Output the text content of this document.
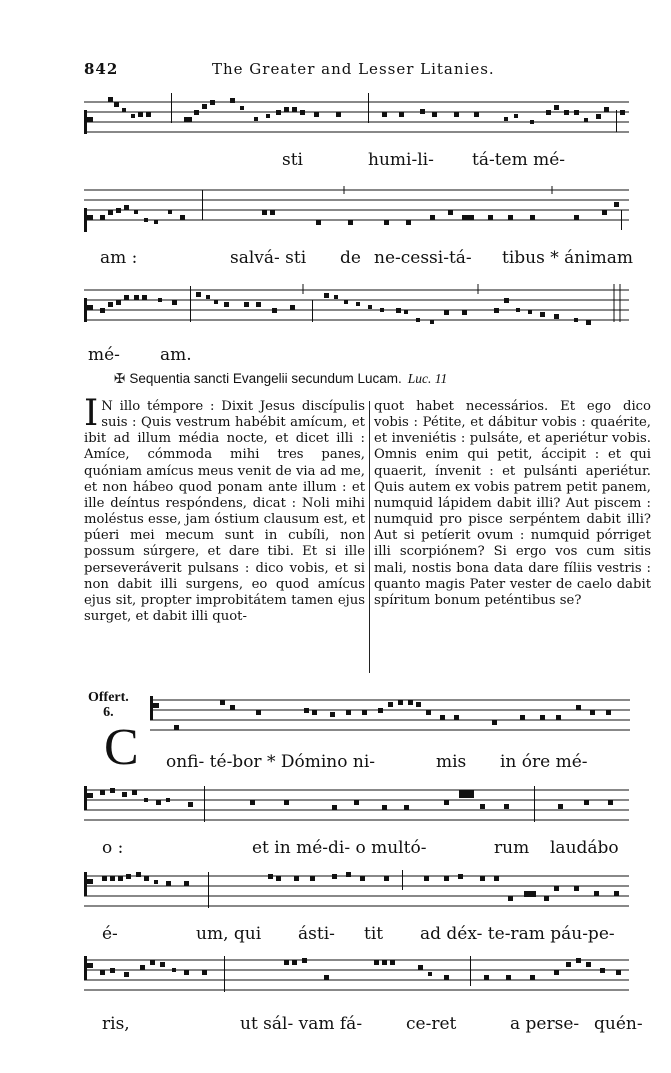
842	The Greater and Lesser Litanies.
sti	humi-li- tá-tem mé-
am :	salvá- sti de ne-cessi-tá- tibus * ánimam
mé- am.
✠ Sequentia sancti Evangelii secundum Lucam. Luc. 11
I N illo témpore : Dixit Jesus discípulis suis : Quis vestrum habébit amícum, et ibit ad illum média nocte, et dicet illi : Amíce, cómmoda mihi tres panes, quóniam amícus meus venit de via ad me, et non hábeo quod ponam ante illum : et ille deíntus respóndens, dicat : Noli mihi moléstus esse, jam óstium clausum est, et púeri mei mecum sunt in cubíli, non possum súrgere, et dare tibi. Et si ille perseveráverit pulsans : dico vobis, et si non dabit illi surgens, eo quod amícus ejus sit, propter improbitátem tamen ejus surget, et dabit illi quot-
quot habet necessários. Et ego dico vobis : Pétite, et dábitur vobis : quaérite, et inveniétis : pulsáte, et aperiétur vobis. Omnis enim qui petit, áccipit : et qui quaerit, ínvenit : et pulsánti aperiétur. Quis autem ex vobis patrem petit panem, numquid lápidem dabit illi? Aut piscem : numquid pro pisce serpéntem dabit illi? Aut si petíerit ovum : numquid pórriget illi scorpiónem? Si ergo vos cum sitis mali, nostis bona data dare fíliis vestris : quanto magis Pater vester de caelo dabit spíritum bonum peténtibus se?
Offert.
6.
C onfi- té-bor * Dómino ni-	mis in óre mé-
o :	et in mé-di- o multó-	rum laudábo
é-	um, qui ásti- tit ad déx- te-ram páu-pe-
ris,	ut sál- vam fá-	ce-ret	a perse- quén-
